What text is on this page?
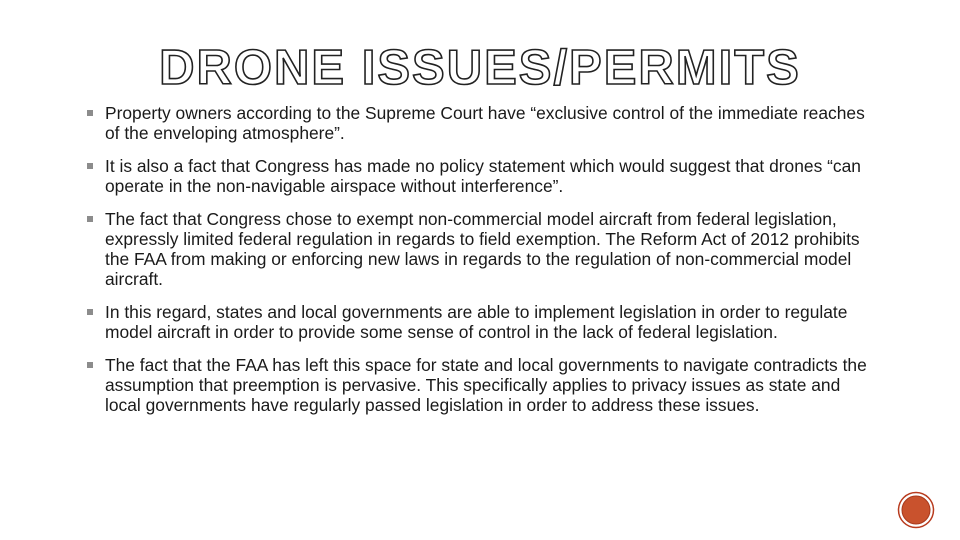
DRONE ISSUES/PERMITS
Property owners according to the Supreme Court have “exclusive control of the immediate reaches of the enveloping atmosphere”.
It is also a fact that Congress has made no policy statement which would suggest that drones “can operate in the non-navigable airspace without interference”.
The fact that Congress chose to exempt non-commercial model aircraft from federal legislation, expressly limited federal regulation in regards to field exemption. The Reform Act of 2012 prohibits the FAA from making or enforcing new laws in regards to the regulation of non-commercial model aircraft.
In this regard, states and local governments are able to implement legislation in order to regulate model aircraft in order to provide some sense of control in the lack of federal legislation.
The fact that the FAA has left this space for state and local governments to navigate contradicts the assumption that preemption is pervasive. This specifically applies to privacy issues as state and local governments have regularly passed legislation in order to address these issues.
